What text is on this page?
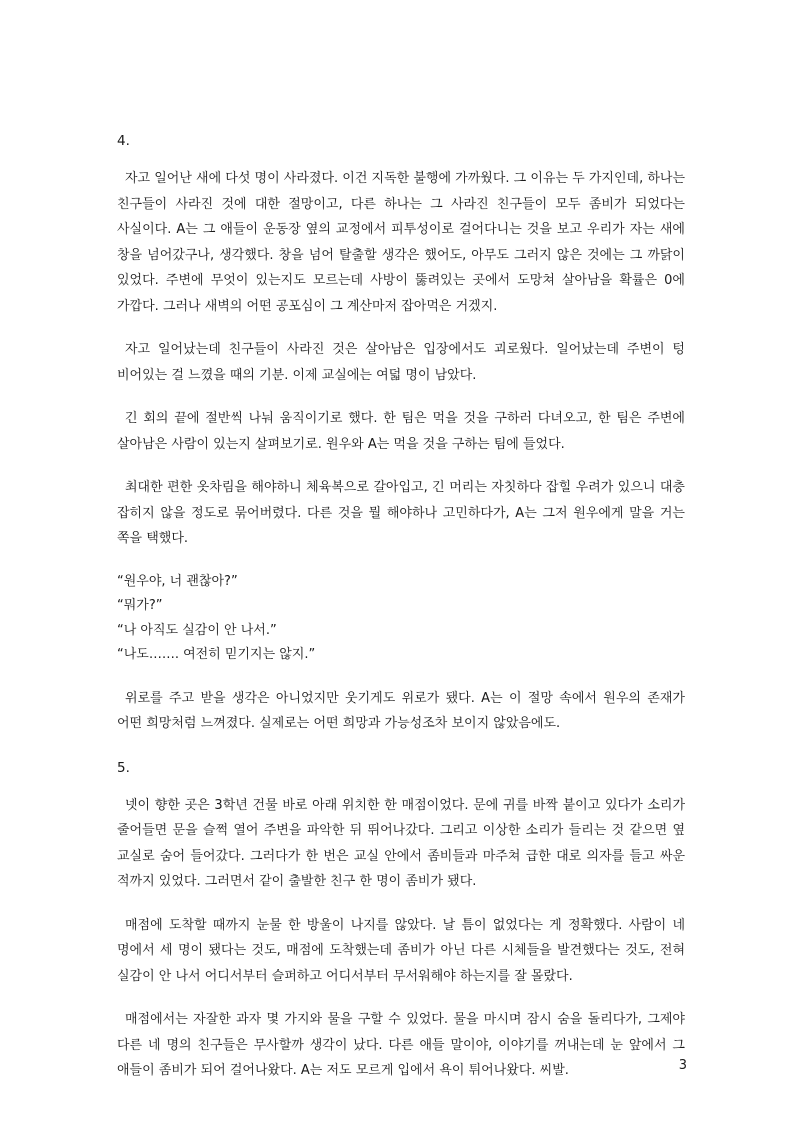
4.

자고 일어난 새에 다섯 명이 사라졌다. 이건 지독한 불행에 가까웠다. 그 이유는 두 가지인데, 하나는 친구들이 사라진 것에 대한 절망이고, 다른 하나는 그 사라진 친구들이 모두 좀비가 되었다는 사실이다. A는 그 애들이 운동장 옆의 교정에서 피투성이로 걸어다니는 것을 보고 우리가 자는 새에 창을 넘어갔구나, 생각했다. 창을 넘어 탈출할 생각은 했어도, 아무도 그러지 않은 것에는 그 까닭이 있었다. 주변에 무엇이 있는지도 모르는데 사방이 뚫려있는 곳에서 도망쳐 살아남을 확률은 0에 가깝다. 그러나 새벽의 어떤 공포심이 그 계산마저 잡아먹은 거겠지.

자고 일어났는데 친구들이 사라진 것은 살아남은 입장에서도 괴로웠다. 일어났는데 주변이 텅 비어있는 걸 느꼈을 때의 기분. 이제 교실에는 여덟 명이 남았다.

긴 회의 끝에 절반씩 나눠 움직이기로 했다. 한 팀은 먹을 것을 구하러 다녀오고, 한 팀은 주변에 살아남은 사람이 있는지 살펴보기로. 원우와 A는 먹을 것을 구하는 팀에 들었다.

최대한 편한 옷차림을 해야하니 체육복으로 갈아입고, 긴 머리는 자칫하다 잡힐 우려가 있으니 대충 잡히지 않을 정도로 묶어버렸다. 다른 것을 뭘 해야하나 고민하다가, A는 그저 원우에게 말을 거는 쪽을 택했다.

“원우야, 너 괜찮아?”

“뭐가?”

“나 아직도 실감이 안 나서.”

“나도……. 여전히 믿기지는 않지.”

위로를 주고 받을 생각은 아니었지만 웃기게도 위로가 됐다. A는 이 절망 속에서 원우의 존재가 어떤 희망처럼 느껴졌다. 실제로는 어떤 희망과 가능성조차 보이지 않았음에도.

5.

넷이 향한 곳은 3학년 건물 바로 아래 위치한 한 매점이었다. 문에 귀를 바짝 붙이고 있다가 소리가 줄어들면 문을 슬쩍 열어 주변을 파악한 뒤 뛰어나갔다. 그리고 이상한 소리가 들리는 것 같으면 옆 교실로 숨어 들어갔다. 그러다가 한 번은 교실 안에서 좀비들과 마주쳐 급한 대로 의자를 들고 싸운 적까지 있었다. 그러면서 같이 출발한 친구 한 명이 좀비가 됐다.

매점에 도착할 때까지 눈물 한 방울이 나지를 않았다. 날 틈이 없었다는 게 정확했다. 사람이 네 명에서 세 명이 됐다는 것도, 매점에 도착했는데 좀비가 아닌 다른 시체들을 발견했다는 것도, 전혀 실감이 안 나서 어디서부터 슬퍼하고 어디서부터 무서워해야 하는지를 잘 몰랐다.

매점에서는 자잘한 과자 몇 가지와 물을 구할 수 있었다. 물을 마시며 잠시 숨을 돌리다가, 그제야 다른 네 명의 친구들은 무사할까 생각이 났다. 다른 애들 말이야, 이야기를 꺼내는데 눈 앞에서 그 애들이 좀비가 되어 걸어나왔다. A는 저도 모르게 입에서 욕이 튀어나왔다. 씨발.	3
